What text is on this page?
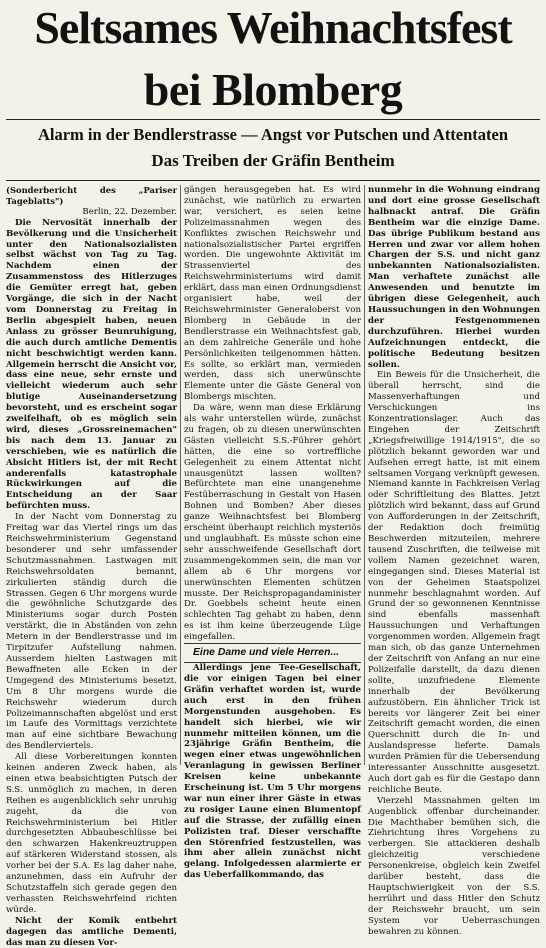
Seltsames Weihnachtsfest
bei Blomberg
Alarm in der Bendlerstrasse — Angst vor Putschen und Attentaten
Das Treiben der Gräfin Bentheim

(Sonderbericht des „Pariser Tageblatts")

Berlin, 22. Dezember.

Die Nervosität innerhalb der Bevölkerung und die Unsicherheit unter den Nationalsozialisten selbst wächst von Tag zu Tag. Nachdem einen der Zusammenstoss des Hitlerzuges die Gemüter erregt hat, geben Vorgänge, die sich in der Nacht vom Donnerstag zu Freitag in Berlin abgespielt haben, neuen Anlass zu grösser Beunruhigung, die auch durch amtliche Dementis nicht beschwichtigt werden kann. Allgemein herrscht die Ansicht vor, dass eine neue, sehr ernste und vielleicht wiederum auch sehr blutige Auseinandersetzung bevorsteht, und es erscheint sogar zweifelhaft, ob es möglich sein wird, dieses „Grossreinemachen" bis nach dem 13. Januar zu verschieben, wie es natürlich die Absicht Hitlers ist, der mit Recht anderenfalls katastrophale Rückwirkungen auf die Entscheidung an der Saar befürchten muss.

In der Nacht vom Donnerstag zu Freitag war das Viertel rings um das Reichswehrministerium Gegenstand besonderer und sehr umfassender Schutzmassnahmen. Lastwagen mit Reichswehrsoldaten bemannt, zirkulierten ständig durch die Strassen. Gegen 6 Uhr morgens wurde die gewöhnliche Schutzgarde des Ministeriums sogar durch Posten verstärkt, die in Abständen von zehn Metern in der Bendlerstrasse und im Tirpitzufer Aufstellung nahmen. Ausserdem hielten Lastwagen mit Bewaffneten alle Ecken in der Umgegend des Ministeriums besetzt. Um 8 Uhr morgens wurde die Reichswehr wiederum durch Polizeimannschaften abgelöst und erst im Laufe des Vormittags verzichtete man auf eine sichtbare Bewachung des Bendlerviertels.

All diese Vorbereitungen konnten keinen anderen Zweck haben, als einen etwa beabsichtigten Putsch der S.S. unmöglich zu machen, in deren Reihen es augenblicklich sehr unruhig zugeht, da die von Reichswehrministerium bei Hitler durchgesetzten Abbaubeschlüsse bei den schwarzen Hakenkreuztruppen auf stärkeren Widerstand stossen, als vorher bei der S.A. Es lag daher nahe, anzunehmen, dass ein Aufruhr der Schutzstaffeln sich gerade gegen den verhassten Reichswehrfeind richten würde.

Nicht der Komik entbehrt dagegen das amtliche Dementi, das man zu diesen Vor-

gängen herausgegeben hat. Es wird zunächst, wie natürlich zu erwarten war, versichert, es seien keine Polizeimassnahmen wegen des Konfliktes zwischen Reichswehr und nationalsozialistischer Partei ergriffen worden. Die ungewohnte Aktivität im Strassenviertel des Reichswehrministeriums wird damit erklärt, dass man einen Ordnungsdienst organisiert habe, weil der Reichswehrminister Generaloberst von Blomberg in Gebäude in der Bendlerstrasse ein Weihnachtsfest gab, an dem zahlreiche Generäle und hohe Persönlichkeiten teilgenommen hätten. Es sollte, so erklärt man, vermieden werden, dass sich unerwünschte Elemente unter die Gäste General von Blombergs mischten.

Da wäre, wenn man diese Erklärung als wahr unterstellen würde, zunächst zu fragen, ob zu diesen unerwünschten Gästen vielleicht S.S.-Führer gehört hätten, die eine so vortreffliche Gelegenheit zu einem Attentat nicht unausgenützt lassen wollten? Befürchtete man eine unangenehme Festüberraschung in Gestalt von Hasen Bohnen und Bomben? Aber dieses ganze Weihnachtsfest bei Blomberg erscheint überhaupt reichlich mysteriös und unglaubhaft. Es müsste schon eine sehr ausschweifende Gesellschaft dort zusammengekommen sein, die man vor allem ab 6 Uhr morgens vor unerwünschten Elementen schützen musste. Der Reichspropagandaminister Dr. Goebbels scheint heute einen schlechten Tag gehabt zu haben, denn es ist ihm keine überzeugende Lüge eingefallen.

Eine Dame und viele Herren...

Allerdings jene Tee-Gesellschaft, die vor einigen Tagen bei einer Gräfin verhaftet worden ist, wurde auch erst in den frühen Morgenstunden ausgehoben. Es handelt sich hierbei, wie wir nunmehr mitteilen können, um die 23jährige Gräfin Bentheim, die wegen einer etwas ungewöhnlichen Veranlagung in gewissen Berliner Kreisen keine unbekannte Erscheinung ist. Um 5 Uhr morgens war nun einer ihrer Gäste in etwas zu rosiger Laune einen Blumentopf auf die Strasse, der zufällig einen Polizisten traf. Dieser verschaffte den Störenfried festzustellen, was ihm aber allein zunächst nicht gelang. Infolgedessen alarmierte er das Ueberfallkommando, das

nunmehr in die Wohnung eindrang und dort eine grosse Gesellschaft halbnackt antraf. Die Gräfin Bentheim war die einzige Dame. Das übrige Publikum bestand aus Herren und zwar vor allem hohen Chargen der S.S. und nicht ganz unbekannten Nationalsozialisten. Man verhaftete zunächst alle Anwesenden und benutzte im übrigen diese Gelegenheit, auch Haussuchungen in den Wohnungen der Festgenommenen durchzuführen. Hierbei wurden Aufzeichnungen entdeckt, die politische Bedeutung besitzen sollen.

Ein Beweis für die Unsicherheit, die überall herrscht, sind die Massenverhaftungen und Verschickungen ins Konzentrationslager. Auch das Eingehen der Zeitschrift „Kriegsfreiwillige 1914/1915", die so plötzlich bekannt geworden war und Aufsehen erregt hatte, ist mit einem seltsamen Vorgang verknüpft gewesen. Niemand kannte in Fachkreisen Verlag oder Schriftleitung des Blattes. Jetzt plötzlich wird bekannt, dass auf Grund von Aufforderungen in der Zeitschrift, der Redaktion doch freimütig Beschwerden mitzuteilen, mehrere tausend Zuschriften, die teilweise mit vollem Namen gezeichnet waren, eingegangen sind. Dieses Material ist von der Geheimen Staatspolizei nunmehr beschlagnahmt worden. Auf Grund der so gewonnenen Kenntnisse sind ebenfalls massenhaft Haussuchungen und Verhaftungen vorgenommen worden. Allgemein fragt man sich, ob das ganze Unternehmen der Zeitschrift von Anfang an nur eine Polizeifalle darstellt, da dazu dienen sollte, unzufriedene Elemente innerhalb der Bevölkerung aufzustöbern. Ein ähnlicher Trick ist bereits vor längerer Zeit bei einer Zeitschrift gemacht worden, die einen Querschnitt durch die In- und Auslandspresse lieferte. Damals wurden Prämien für die Uebersendung interessanter Ausschnitte ausgesetzt. Auch dort gab es für die Gestapo dann reichliche Beute.

Vierzehl Massnahmen gelten im Augenblick offenbar durcheinander. Die Machthaber bemühen sich, die Ziehrichtung ihres Vorgehens zu verbergen. Sie attackieren deshalb gleichzeitig verschiedene Personenkreise, obgleich kein Zweifel darüber besteht, dass die Hauptschwierigkeit von der S.S. herrührt und dass Hitler den Schutz der Reichswehr braucht, um sein System vor Ueberraschungen bewahren zu können.
